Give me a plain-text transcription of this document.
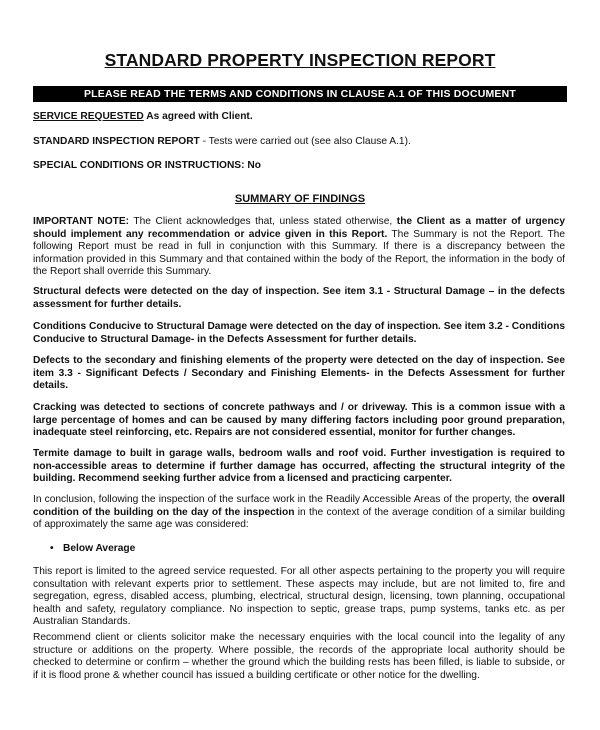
STANDARD PROPERTY INSPECTION REPORT
PLEASE READ THE TERMS AND CONDITIONS IN CLAUSE A.1 OF THIS DOCUMENT
SERVICE REQUESTED As agreed with Client.
STANDARD INSPECTION REPORT - Tests were carried out (see also Clause A.1).
SPECIAL CONDITIONS OR INSTRUCTIONS: No
SUMMARY OF FINDINGS
IMPORTANT NOTE: The Client acknowledges that, unless stated otherwise, the Client as a matter of urgency should implement any recommendation or advice given in this Report. The Summary is not the Report. The following Report must be read in full in conjunction with this Summary. If there is a discrepancy between the information provided in this Summary and that contained within the body of the Report, the information in the body of the Report shall override this Summary.
Structural defects were detected on the day of inspection. See item 3.1 - Structural Damage – in the defects assessment for further details.
Conditions Conducive to Structural Damage were detected on the day of inspection. See item 3.2 - Conditions Conducive to Structural Damage- in the Defects Assessment for further details.
Defects to the secondary and finishing elements of the property were detected on the day of inspection. See item 3.3 - Significant Defects / Secondary and Finishing Elements- in the Defects Assessment for further details.
Cracking was detected to sections of concrete pathways and / or driveway. This is a common issue with a large percentage of homes and can be caused by many differing factors including poor ground preparation, inadequate steel reinforcing, etc. Repairs are not considered essential, monitor for further changes.
Termite damage to built in garage walls, bedroom walls and roof void. Further investigation is required to non-accessible areas to determine if further damage has occurred, affecting the structural integrity of the building. Recommend seeking further advice from a licensed and practicing carpenter.
In conclusion, following the inspection of the surface work in the Readily Accessible Areas of the property, the overall condition of the building on the day of the inspection in the context of the average condition of a similar building of approximately the same age was considered:
• Below Average
This report is limited to the agreed service requested. For all other aspects pertaining to the property you will require consultation with relevant experts prior to settlement. These aspects may include, but are not limited to, fire and segregation, egress, disabled access, plumbing, electrical, structural design, licensing, town planning, occupational health and safety, regulatory compliance. No inspection to septic, grease traps, pump systems, tanks etc. as per Australian Standards.
Recommend client or clients solicitor make the necessary enquiries with the local council into the legality of any structure or additions on the property. Where possible, the records of the appropriate local authority should be checked to determine or confirm – whether the ground which the building rests has been filled, is liable to subside, or if it is flood prone & whether council has issued a building certificate or other notice for the dwelling.
